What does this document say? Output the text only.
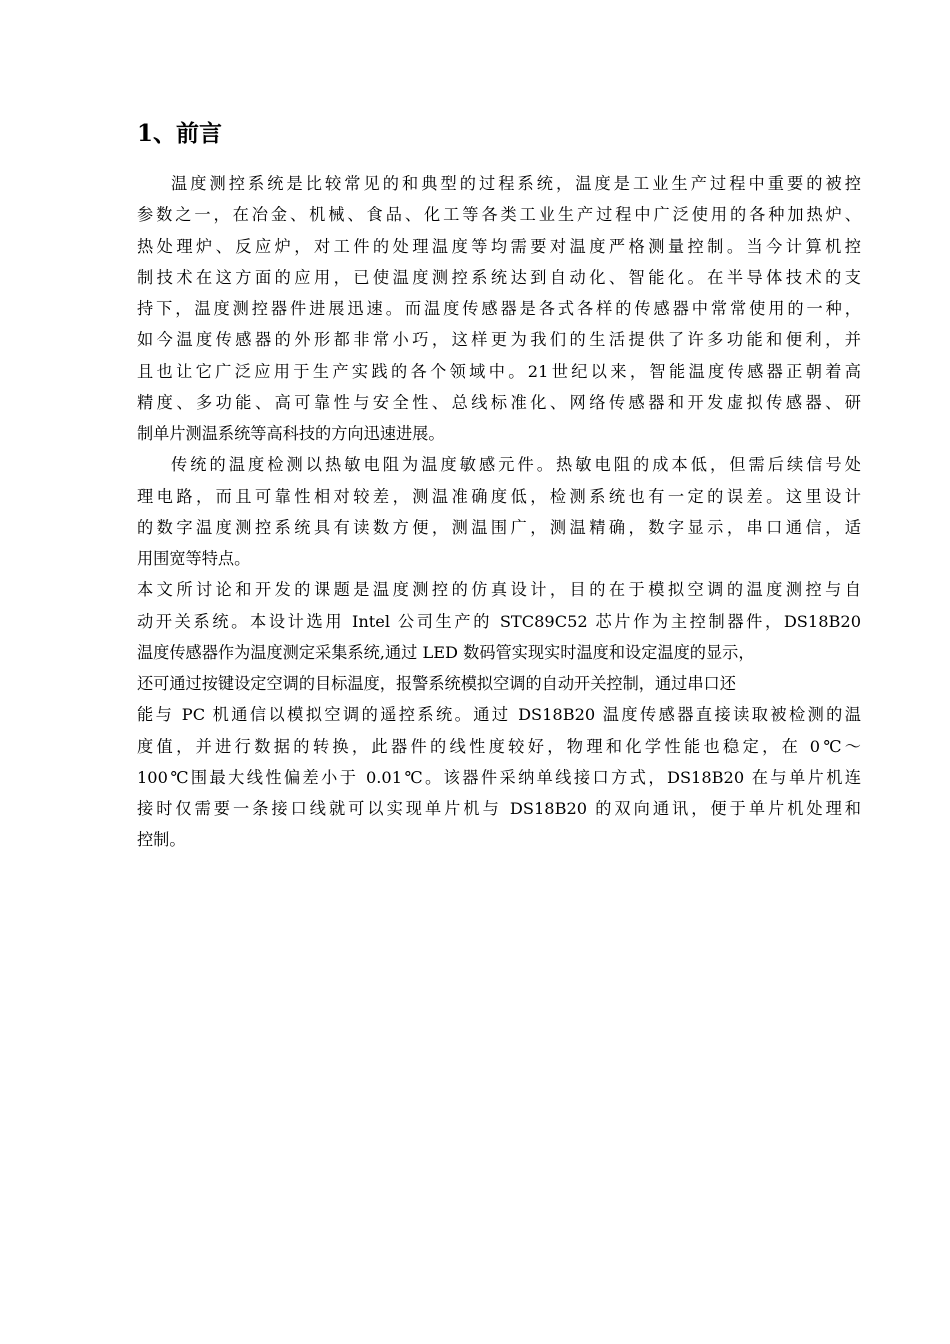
1、前言
温度测控系统是比较常见的和典型的过程系统，温度是工业生产过程中重要的被控
参数之一，在冶金、机械、食品、化工等各类工业生产过程中广泛使用的各种加热炉、
热处理炉、反应炉，对工件的处理温度等均需要对温度严格测量控制。当今计算机控
制技术在这方面的应用，已使温度测控系统达到自动化、智能化。在半导体技术的支
持下，温度测控器件进展迅速。而温度传感器是各式各样的传感器中常常使用的一种，
如今温度传感器的外形都非常小巧，这样更为我们的生活提供了许多功能和便利，并
且也让它广泛应用于生产实践的各个领域中。21世纪以来，智能温度传感器正朝着高
精度、多功能、高可靠性与安全性、总线标准化、网络传感器和开发虚拟传感器、研
制单片测温系统等高科技的方向迅速进展。
传统的温度检测以热敏电阻为温度敏感元件。热敏电阻的成本低，但需后续信号处
理电路，而且可靠性相对较差，测温准确度低，检测系统也有一定的误差。这里设计
的数字温度测控系统具有读数方便，测温围广，测温精确，数字显示，串口通信，适
用围宽等特点。
本文所讨论和开发的课题是温度测控的仿真设计，目的在于模拟空调的温度测控与自
动开关系统。本设计选用 Intel 公司生产的 STC89C52 芯片作为主控制器件，DS18B20
温度传感器作为温度测定采集系统,通过 LED 数码管实现实时温度和设定温度的显示，
还可通过按键设定空调的目标温度，报警系统模拟空调的自动开关控制，通过串口还
能与 PC 机通信以模拟空调的遥控系统。通过 DS18B20 温度传感器直接读取被检测的温
度值，并进行数据的转换，此器件的线性度较好，物理和化学性能也稳定，在 0℃～
100℃围最大线性偏差小于 0.01℃。该器件采纳单线接口方式，DS18B20 在与单片机连
接时仅需要一条接口线就可以实现单片机与 DS18B20 的双向通讯，便于单片机处理和
控制。
